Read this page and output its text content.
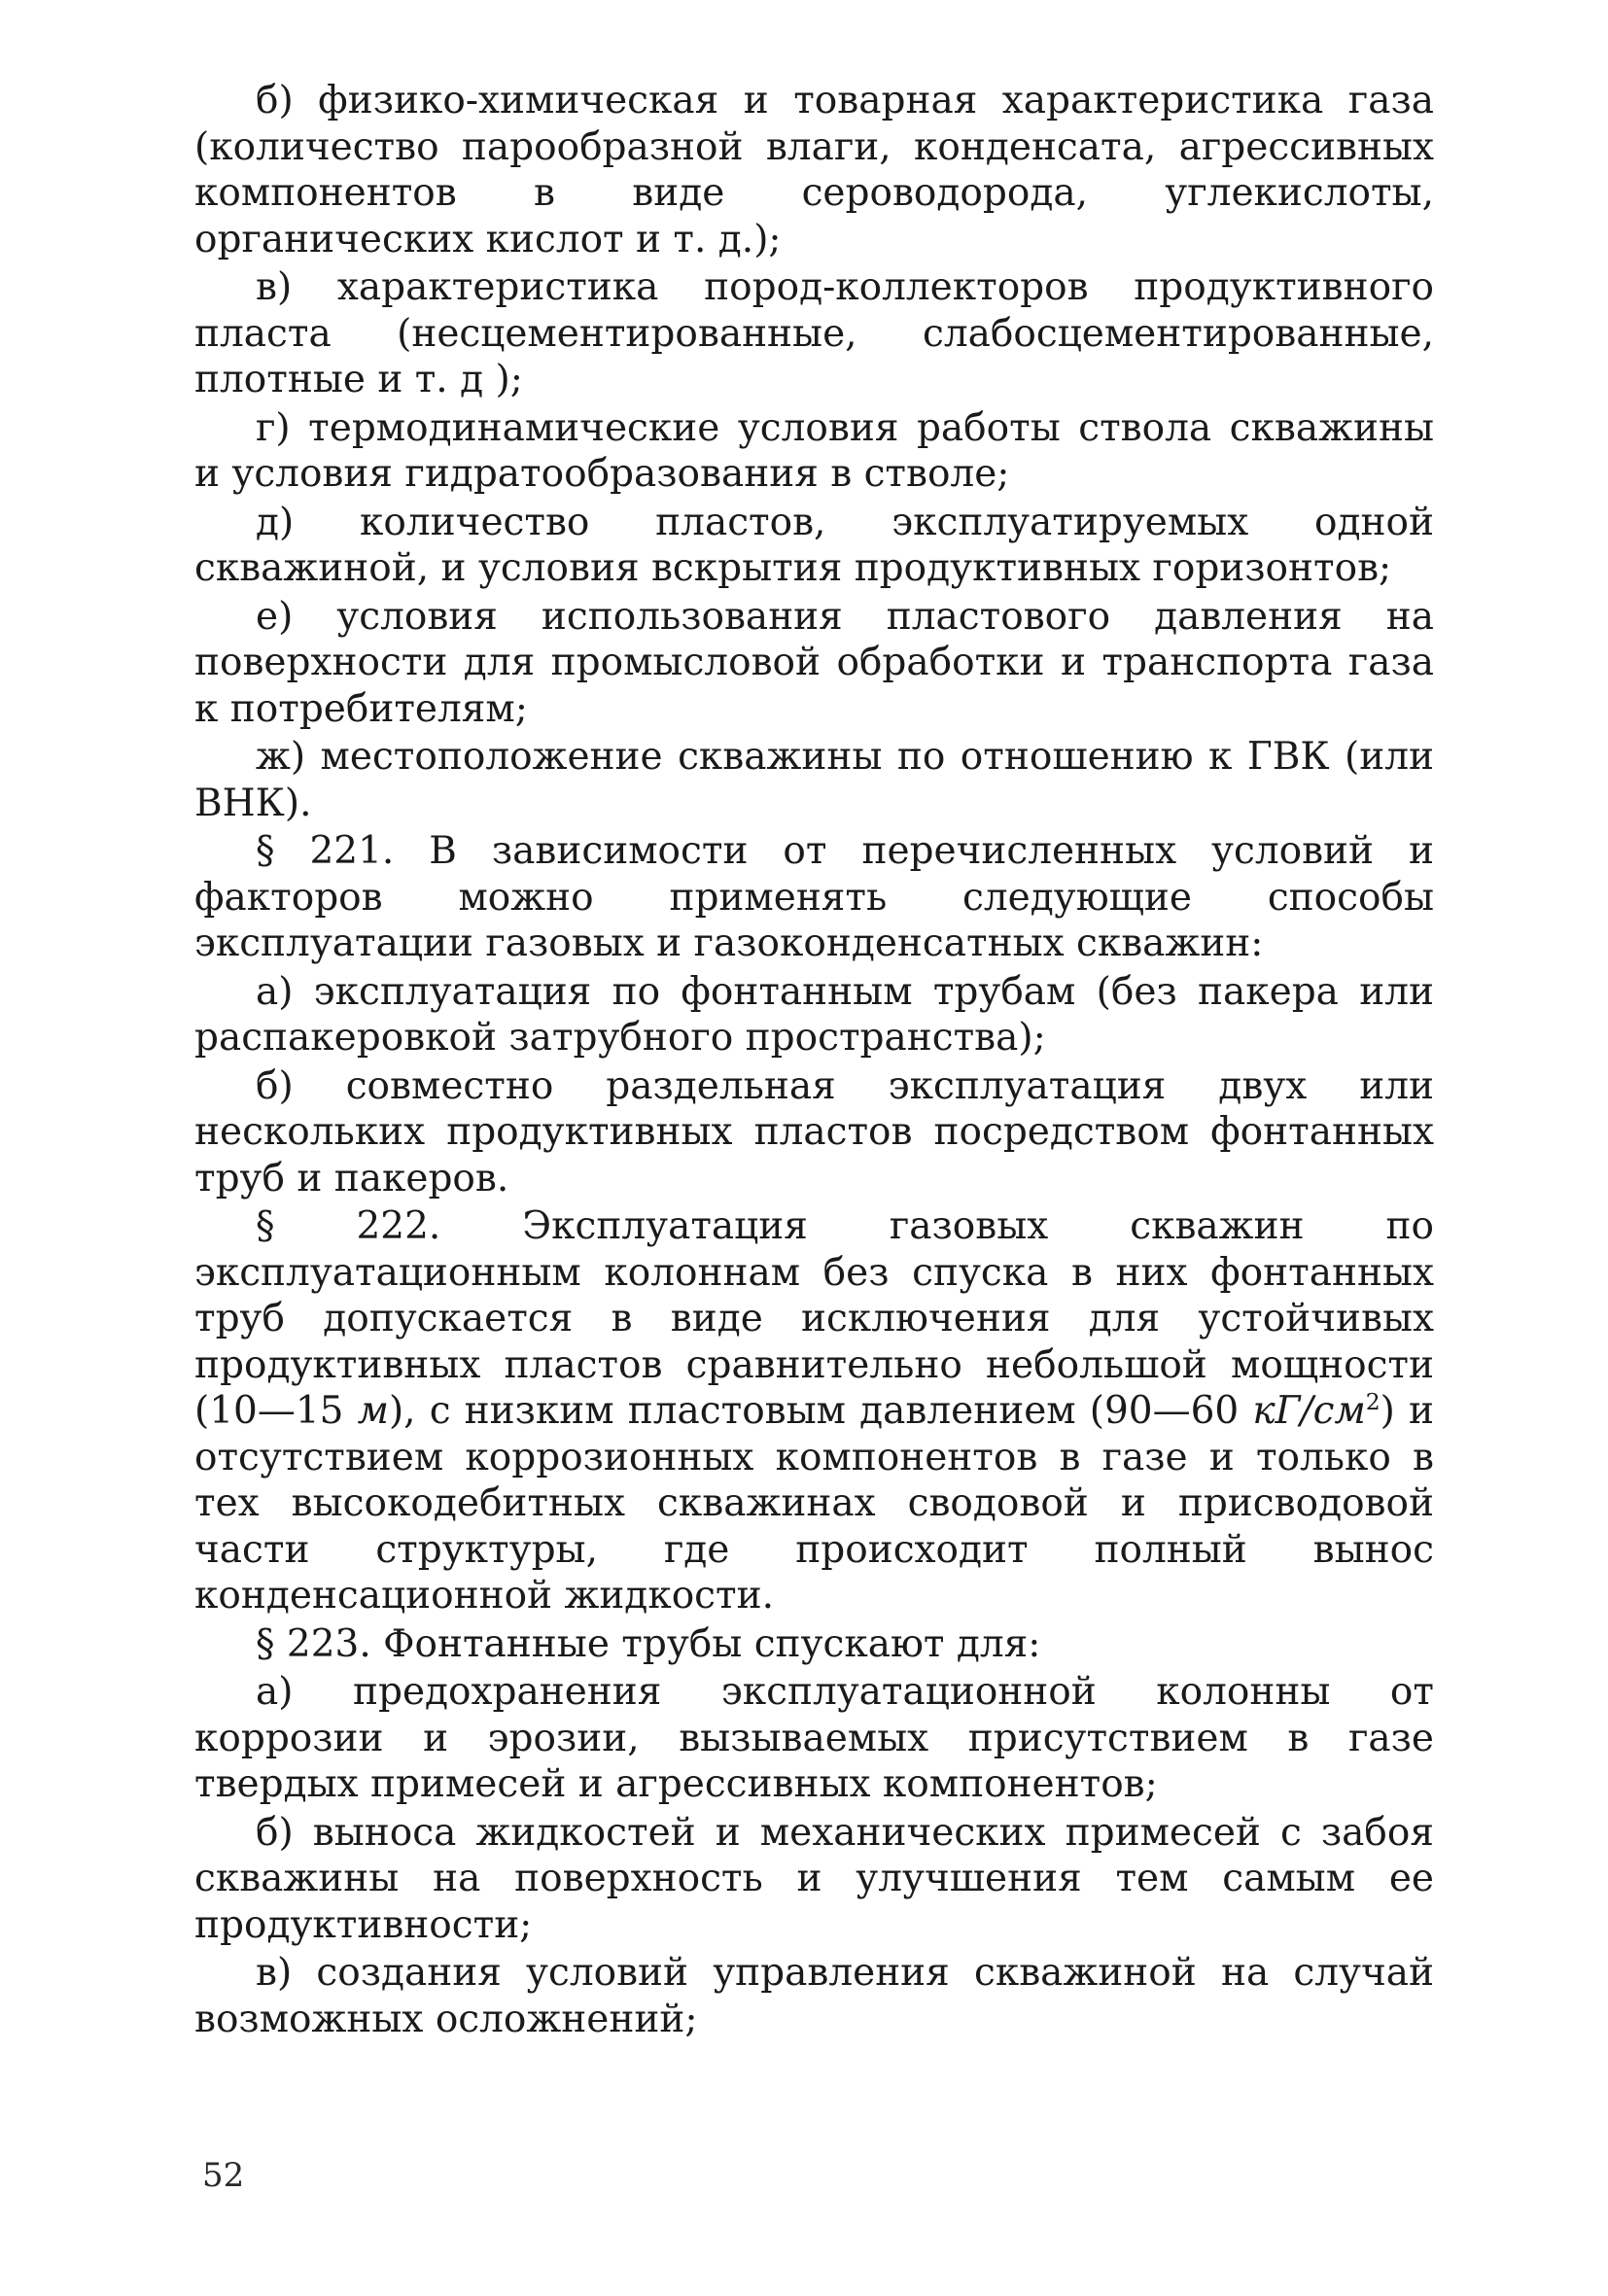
б) физико-химическая и товарная характеристика газа (количество парообразной влаги, конденсата, агрессивных компонентов в виде сероводорода, углекислоты, органических кислот и т. д.);

в) характеристика пород-коллекторов продуктивного пласта (несцементированные, слабосцементированные, плотные и т. д );

г) термодинамические условия работы ствола скважины и условия гидратообразования в стволе;

д) количество пластов, эксплуатируемых одной скважиной, и условия вскрытия продуктивных горизонтов;

е) условия использования пластового давления на поверхности для промысловой обработки и транспорта газа к потребителям;

ж) местоположение скважины по отношению к ГВК (или ВНК).

§ 221. В зависимости от перечисленных условий и факторов можно применять следующие способы эксплуатации газовых и газоконденсатных скважин:

а) эксплуатация по фонтанным трубам (без пакера или распакеровкой затрубного пространства);

б) совместно раздельная эксплуатация двух или нескольких продуктивных пластов посредством фонтанных труб и пакеров.

§ 222. Эксплуатация газовых скважин по эксплуатационным колоннам без спуска в них фонтанных труб допускается в виде исключения для устойчивых продуктивных пластов сравнительно небольшой мощности (10—15 м), с низким пластовым давлением (90—60 $кГ/см^2$) и отсутствием коррозионных компонентов в газе и только в тех высокодебитных скважинах сводовой и присводовой части структуры, где происходит полный вынос конденсационной жидкости.

§ 223. Фонтанные трубы спускают для:

а) предохранения эксплуатационной колонны от коррозии и эрозии, вызываемых присутствием в газе твердых примесей и агрессивных компонентов;

б) выноса жидкостей и механических примесей с забоя скважины на поверхность и улучшения тем самым ее продуктивности;

в) создания условий управления скважиной на случай возможных осложнений;

52
